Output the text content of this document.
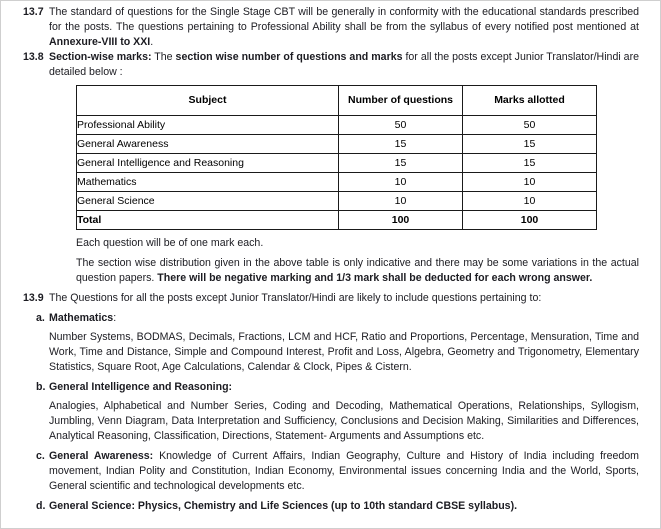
13.7 The standard of questions for the Single Stage CBT will be generally in conformity with the educational standards prescribed for the posts. The questions pertaining to Professional Ability shall be from the syllabus of every notified post mentioned at Annexure-VIII to XXI.
13.8 Section-wise marks: The section wise number of questions and marks for all the posts except Junior Translator/Hindi are detailed below :
Subject	Number of questions	Marks allotted
Professional Ability	50	50
General Awareness	15	15
General Intelligence and Reasoning	15	15
Mathematics	10	10
General Science	10	10
Total	100	100
Each question will be of one mark each.
The section wise distribution given in the above table is only indicative and there may be some variations in the actual question papers. There will be negative marking and 1/3 mark shall be deducted for each wrong answer.
13.9 The Questions for all the posts except Junior Translator/Hindi are likely to include questions pertaining to:
a. Mathematics:
Number Systems, BODMAS, Decimals, Fractions, LCM and HCF, Ratio and Proportions, Percentage, Mensuration, Time and Work, Time and Distance, Simple and Compound Interest, Profit and Loss, Algebra, Geometry and Trigonometry, Elementary Statistics, Square Root, Age Calculations, Calendar & Clock, Pipes & Cistern.
b. General Intelligence and Reasoning:
Analogies, Alphabetical and Number Series, Coding and Decoding, Mathematical Operations, Relationships, Syllogism, Jumbling, Venn Diagram, Data Interpretation and Sufficiency, Conclusions and Decision Making, Similarities and Differences, Analytical Reasoning, Classification, Directions, Statement- Arguments and Assumptions etc.
c. General Awareness: Knowledge of Current Affairs, Indian Geography, Culture and History of India including freedom movement, Indian Polity and Constitution, Indian Economy, Environmental issues concerning India and the World, Sports, General scientific and technological developments etc.
d. General Science: Physics, Chemistry and Life Sciences (up to 10th standard CBSE syllabus).
